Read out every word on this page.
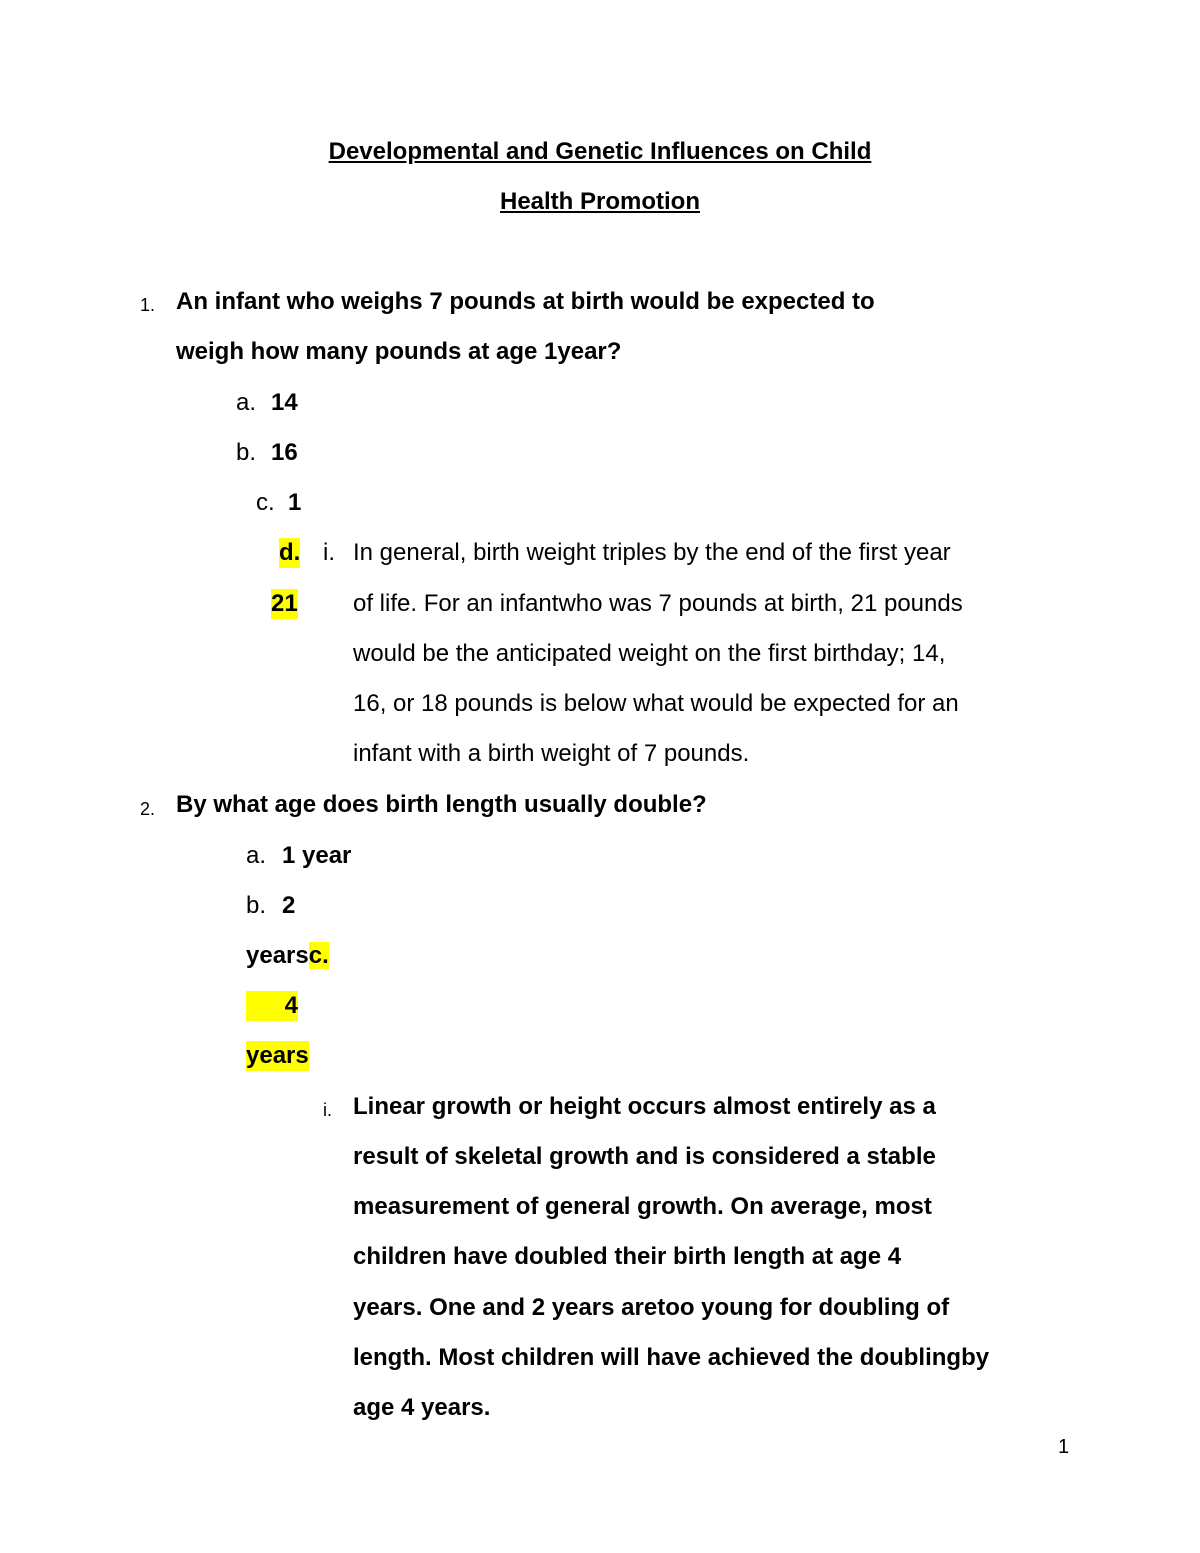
Developmental and Genetic Influences on Child
Health Promotion
1. An infant who weighs 7 pounds at birth would be expected to
weigh how many pounds at age 1year?
a. 14
b. 16
c. 1
d.
21
i. In general, birth weight triples by the end of the first year
of life. For an infantwho was 7 pounds at birth, 21 pounds
would be the anticipated weight on the first birthday; 14,
16, or 18 pounds is below what would be expected for an
infant with a birth weight of 7 pounds.
2. By what age does birth length usually double?
a. 1 year
b. 2
yearsc.
4
years
i. Linear growth or height occurs almost entirely as a
result of skeletal growth and is considered a stable
measurement of general growth. On average, most
children have doubled their birth length at age 4
years. One and 2 years aretoo young for doubling of
length. Most children will have achieved the doublingby
age 4 years.
1
